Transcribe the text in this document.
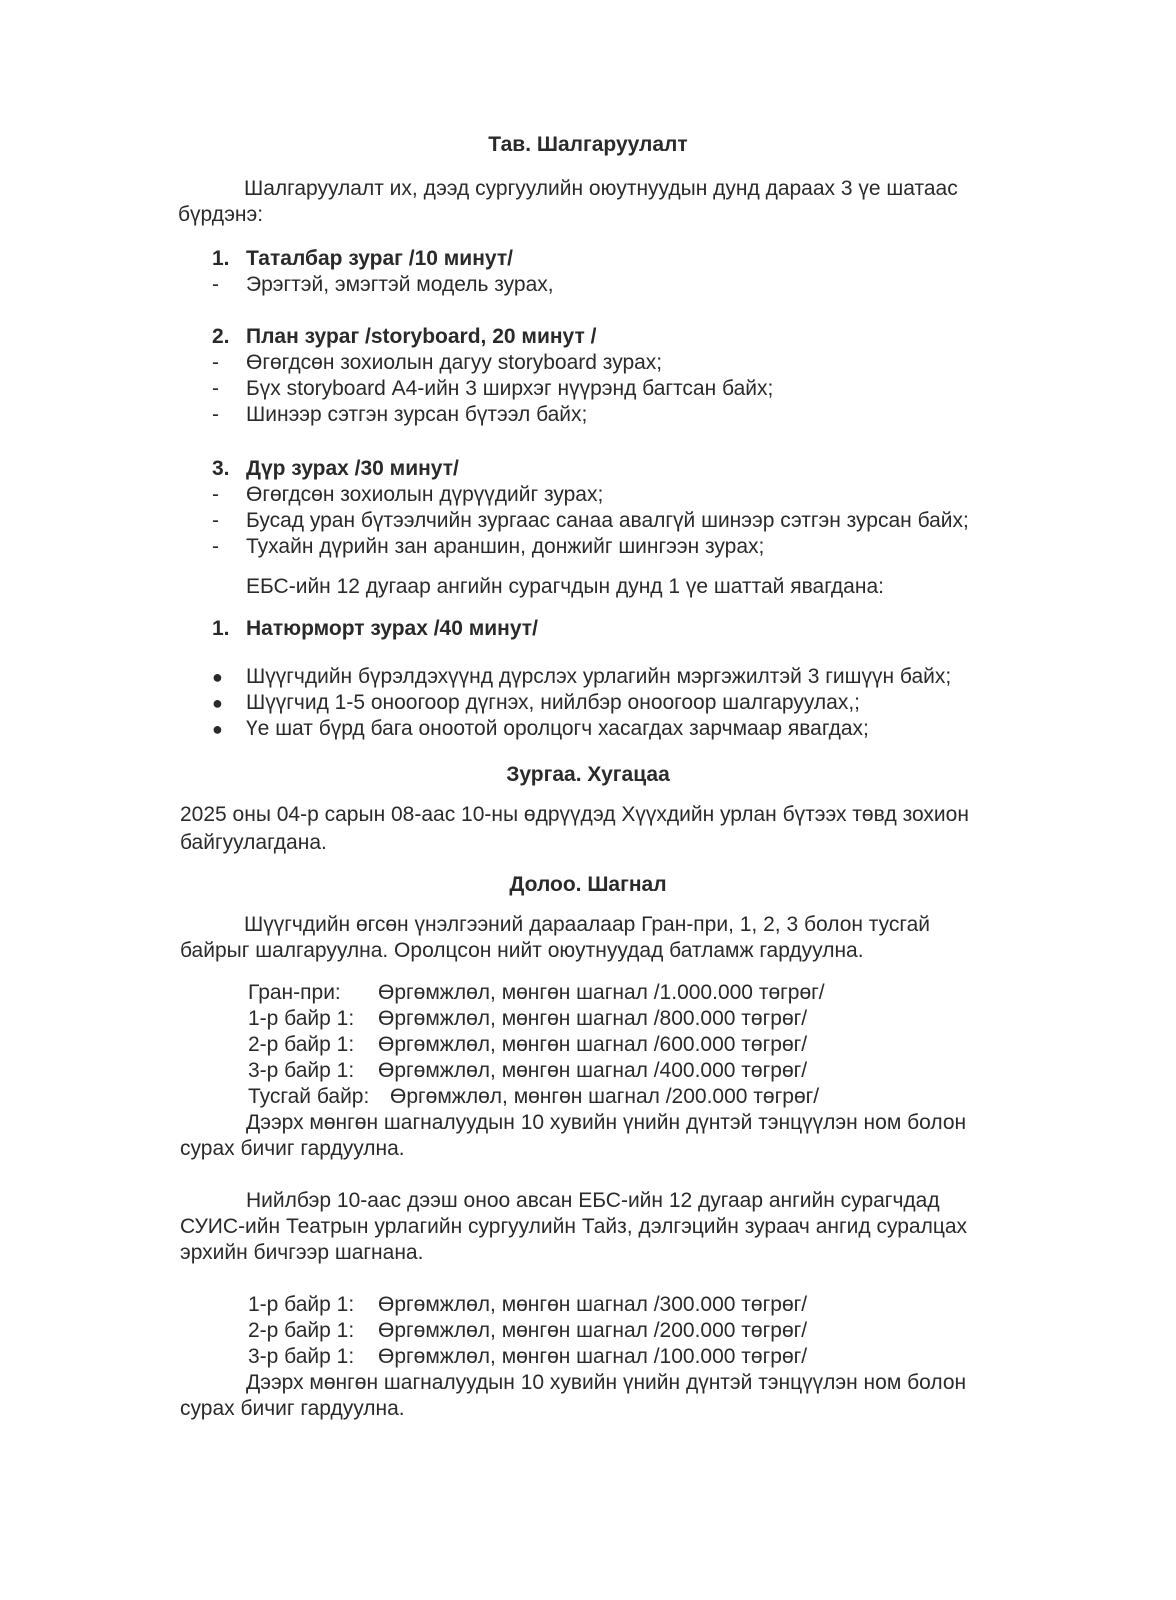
Тав. Шалгаруулалт
Шалгаруулалт их, дээд сургуулийн оюутнуудын дунд дараах 3 үе шатаас
бүрдэнэ:
1. Таталбар зураг /10 минут/
- Эрэгтэй, эмэгтэй модель зурах,
2. План зураг /storyboard, 20 минут /
- Өгөгдсөн зохиолын дагуу storyboard зурах;
- Бүх storyboard А4-ийн 3 ширхэг нүүрэнд багтсан байх;
- Шинээр сэтгэн зурсан бүтээл байх;
3. Дүр зурах /30 минут/
- Өгөгдсөн зохиолын дүрүүдийг зурах;
- Бусад уран бүтээлчийн зургаас санаа авалгүй шинээр сэтгэн зурсан байх;
- Тухайн дүрийн зан араншин, донжийг шингээн зурах;
ЕБС-ийн 12 дугаар ангийн сурагчдын дунд 1 үе шаттай явагдана:
1. Натюрморт зурах /40 минут/
● Шүүгчдийн бүрэлдэхүүнд дүрслэх урлагийн мэргэжилтэй 3 гишүүн байх;
● Шүүгчид 1-5 оноогоор дүгнэх, нийлбэр оноогоор шалгаруулах,;
● Үе шат бүрд бага оноотой оролцогч хасагдах зарчмаар явагдах;
Зургаа. Хугацаа
2025 оны 04-р сарын 08-аас 10-ны өдрүүдэд Хүүхдийн урлан бүтээх төвд зохион
байгуулагдана.
Долоо. Шагнал
Шүүгчдийн өгсөн үнэлгээний дараалаар Гран-при, 1, 2, 3 болон тусгай
байрыг шалгаруулна. Оролцсон нийт оюутнуудад батламж гардуулна.
Гран-при: Өргөмжлөл, мөнгөн шагнал /1.000.000 төгрөг/
1-р байр 1: Өргөмжлөл, мөнгөн шагнал /800.000 төгрөг/
2-р байр 1: Өргөмжлөл, мөнгөн шагнал /600.000 төгрөг/
3-р байр 1: Өргөмжлөл, мөнгөн шагнал /400.000 төгрөг/
Тусгай байр: Өргөмжлөл, мөнгөн шагнал /200.000 төгрөг/
Дээрх мөнгөн шагналуудын 10 хувийн үнийн дүнтэй тэнцүүлэн ном болон
сурах бичиг гардуулна.
Нийлбэр 10-аас дээш оноо авсан ЕБС-ийн 12 дугаар ангийн сурагчдад
СУИС-ийн Театрын урлагийн сургуулийн Тайз, дэлгэцийн зураач ангид суралцах
эрхийн бичгээр шагнана.
1-р байр 1: Өргөмжлөл, мөнгөн шагнал /300.000 төгрөг/
2-р байр 1: Өргөмжлөл, мөнгөн шагнал /200.000 төгрөг/
3-р байр 1: Өргөмжлөл, мөнгөн шагнал /100.000 төгрөг/
Дээрх мөнгөн шагналуудын 10 хувийн үнийн дүнтэй тэнцүүлэн ном болон
сурах бичиг гардуулна.
